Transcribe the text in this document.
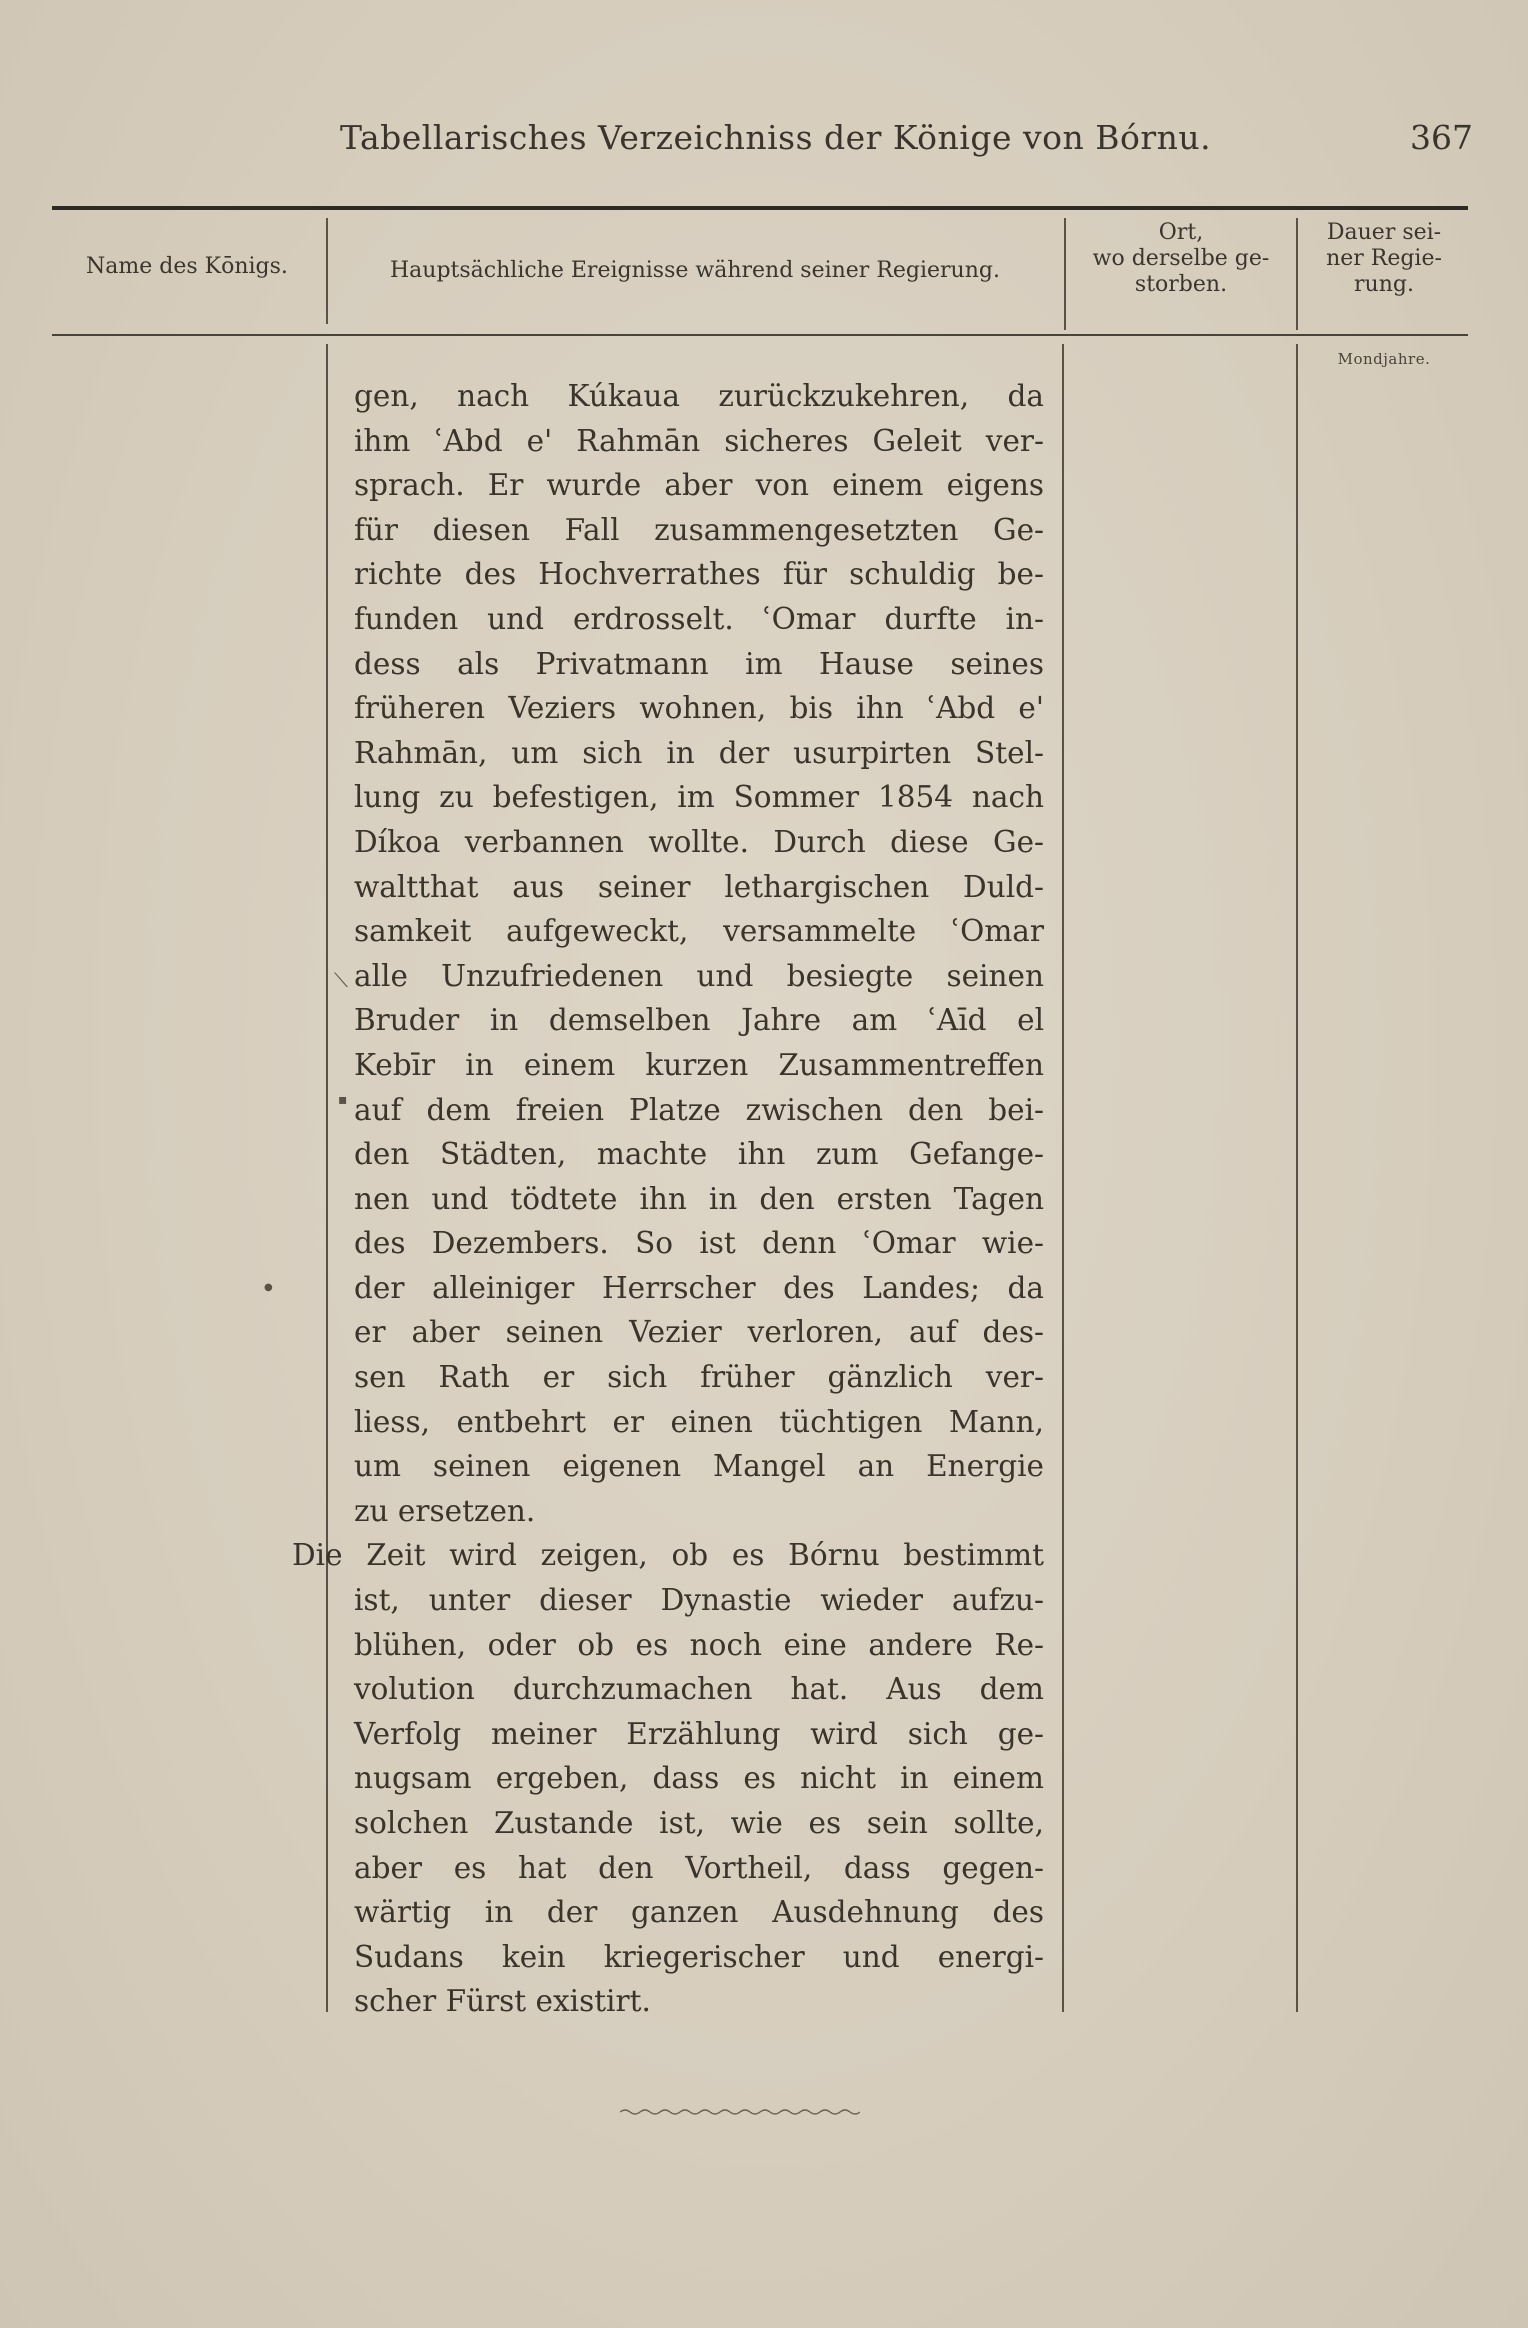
Tabellarisches Verzeichniss der Könige von Bórnu.	367
Name des Kōnigs.	Hauptsächliche Ereignisse während seiner Regierung.
Ort,
wo derselbe ge-
storben.
Dauer sei-
ner Regie-
rung.
Mondjahre.
gen, nach Kúkaua zurückzukehren, da
ihm ʿAbd e' Rahmān sicheres Geleit ver-
sprach. Er wurde aber von einem eigens
für diesen Fall zusammengesetzten Ge-
richte des Hochverrathes für schuldig be-
funden und erdrosselt. ʿOmar durfte in-
dess als Privatmann im Hause seines
früheren Veziers wohnen, bis ihn ʿAbd e'
Rahmān, um sich in der usurpirten Stel-
lung zu befestigen, im Sommer 1854 nach
Díkoa verbannen wollte. Durch diese Ge-
waltthat aus seiner lethargischen Duld-
samkeit aufgeweckt, versammelte ʿOmar
alle Unzufriedenen und besiegte seinen
Bruder in demselben Jahre am ʿAīd el
Kebīr in einem kurzen Zusammentreffen
auf dem freien Platze zwischen den bei-
den Städten, machte ihn zum Gefange-
nen und tödtete ihn in den ersten Tagen
des Dezembers. So ist denn ʿOmar wie-
der alleiniger Herrscher des Landes; da
er aber seinen Vezier verloren, auf des-
sen Rath er sich früher gänzlich ver-
liess, entbehrt er einen tüchtigen Mann,
um seinen eigenen Mangel an Energie
zu ersetzen.
Die Zeit wird zeigen, ob es Bórnu bestimmt
ist, unter dieser Dynastie wieder aufzu-
blühen, oder ob es noch eine andere Re-
volution durchzumachen hat. Aus dem
Verfolg meiner Erzählung wird sich ge-
nugsam ergeben, dass es nicht in einem
solchen Zustande ist, wie es sein sollte,
aber es hat den Vortheil, dass gegen-
wärtig in der ganzen Ausdehnung des
Sudans kein kriegerischer und energi-
scher Fürst existirt.
⟍
▪
●
